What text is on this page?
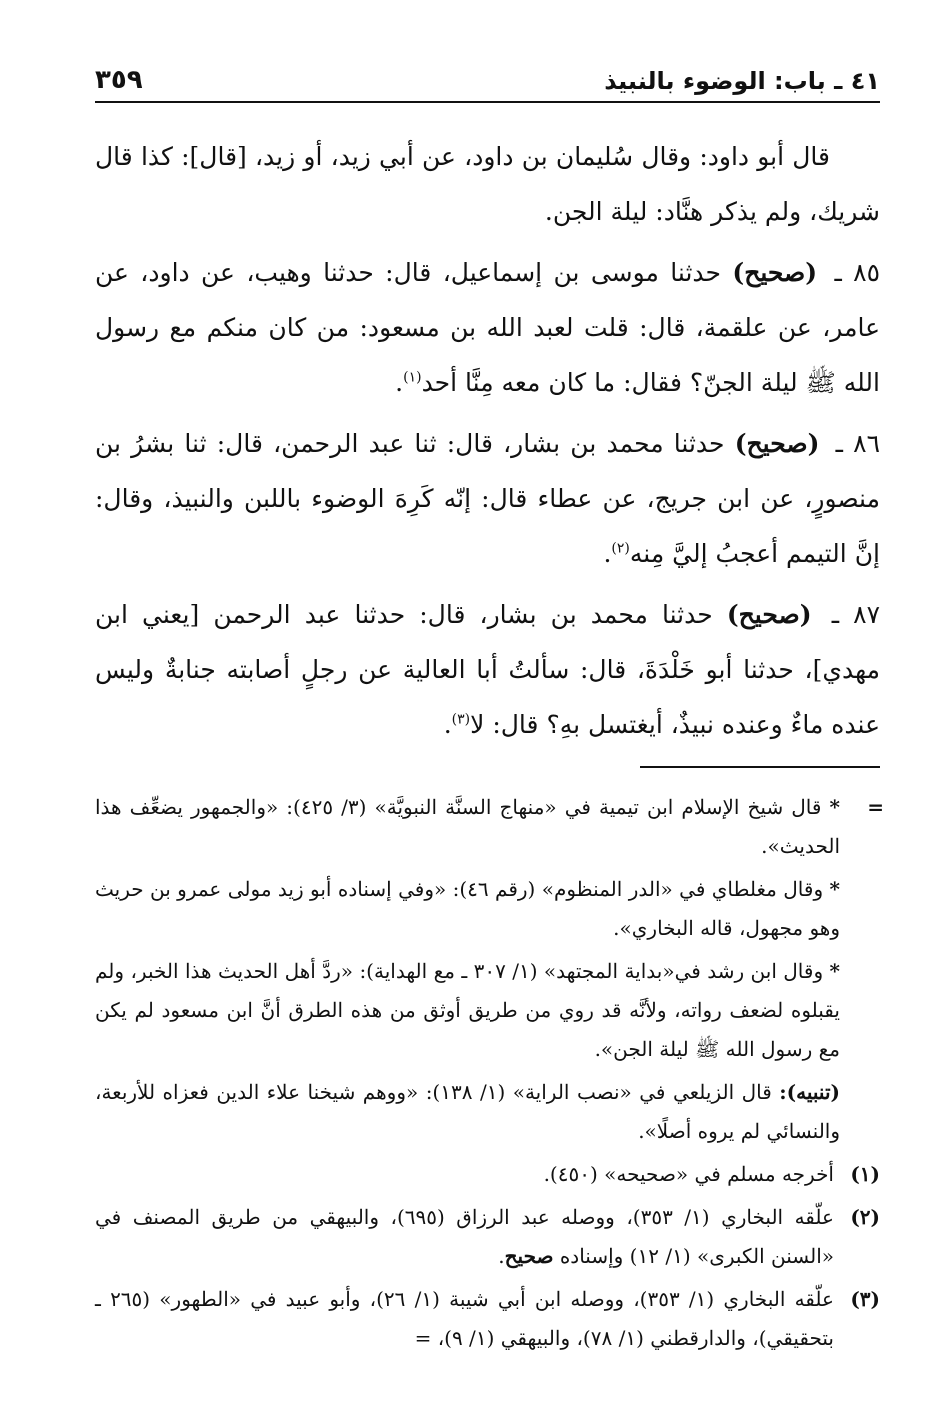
٤١ ـ باب: الوضوء بالنبيذ
٣٥٩

قال أبو داود: وقال سُليمان بن داود، عن أبي زيد، أو زيد، [قال]: كذا قال شريك، ولم يذكر هنَّاد: ليلة الجن.

٨٥ ـ (صحيح) حدثنا موسى بن إسماعيل، قال: حدثنا وهيب، عن داود، عن عامر، عن علقمة، قال: قلت لعبد الله بن مسعود: من كان منكم مع رسول الله ﷺ ليلة الجنّ؟ فقال: ما كان معه مِنَّا أحد$^{(١)}$.

٨٦ ـ (صحيح) حدثنا محمد بن بشار، قال: ثنا عبد الرحمن، قال: ثنا بشرُ بن منصورٍ، عن ابن جريج، عن عطاء قال: إنّه كَرِهَ الوضوء باللبن والنبيذ، وقال: إنَّ التيمم أعجبُ إليَّ مِنه$^{(٢)}$.

٨٧ ـ (صحيح) حدثنا محمد بن بشار، قال: حدثنا عبد الرحمن [يعني ابن مهدي]، حدثنا أبو خَلْدَةَ، قال: سألتُ أبا العالية عن رجلٍ أصابته جنابةٌ وليس عنده ماءٌ وعنده نبيذٌ، أيغتسل بهِ؟ قال: لا$^{(٣)}$.

=

* قال شيخ الإسلام ابن تيمية في «منهاج السنَّة النبويَّة» (٣/ ٤٢٥): «والجمهور يضعِّف هذا الحديث».

* وقال مغلطاي في «الدر المنظوم» (رقم ٤٦): «وفي إسناده أبو زيد مولى عمرو بن حريث وهو مجهول، قاله البخاري».

* وقال ابن رشد في«بداية المجتهد» (١/ ٣٠٧ ـ مع الهداية): «ردَّ أهل الحديث هذا الخبر، ولم يقبلوه لضعف رواته، ولأنَّه قد روي من طريق أوثق من هذه الطرق أنَّ ابن مسعود لم يكن مع رسول الله ﷺ ليلة الجن».

(تنبيه): قال الزيلعي في «نصب الراية» (١/ ١٣٨): «ووهم شيخنا علاء الدين فعزاه للأربعة، والنسائي لم يروه أصلًا».

(١)
أخرجه مسلم في «صحيحه» (٤٥٠).

(٢)
علّقه البخاري (١/ ٣٥٣)، ووصله عبد الرزاق (٦٩٥)، والبيهقي من طريق المصنف في «السنن الكبرى» (١/ ١٢) وإسناده صحيح.

(٣)
علّقه البخاري (١/ ٣٥٣)، ووصله ابن أبي شيبة (١/ ٢٦)، وأبو عبيد في «الطهور» (٢٦٥ ـ بتحقيقي)، والدارقطني (١/ ٧٨)، والبيهقي (١/ ٩)، =
